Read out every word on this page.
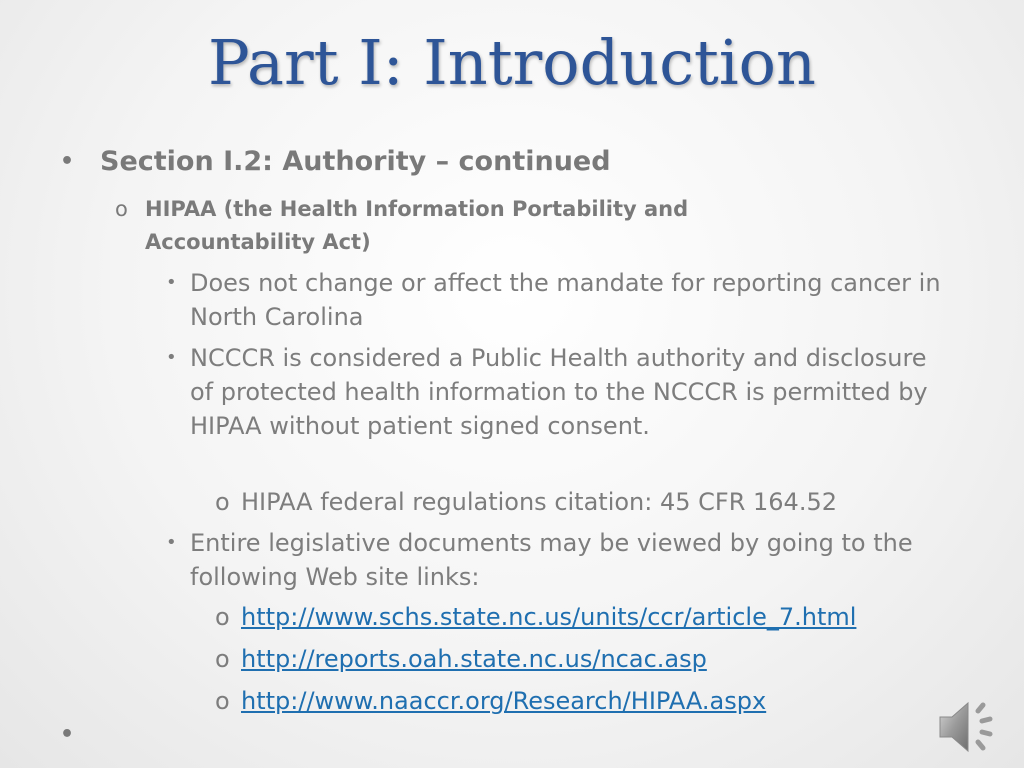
Part I: Introduction
• Section I.2: Authority – continued
o HIPAA (the Health Information Portability and Accountability Act)
• Does not change or affect the mandate for reporting cancer in North Carolina
• NCCCR is considered a Public Health authority and disclosure of protected health information to the NCCCR is permitted by HIPAA without patient signed consent.
o HIPAA federal regulations citation: 45 CFR 164.52
• Entire legislative documents may be viewed by going to the following Web site links:
o http://www.schs.state.nc.us/units/ccr/article_7.html
o http://reports.oah.state.nc.us/ncac.asp
o http://www.naaccr.org/Research/HIPAA.aspx
•
